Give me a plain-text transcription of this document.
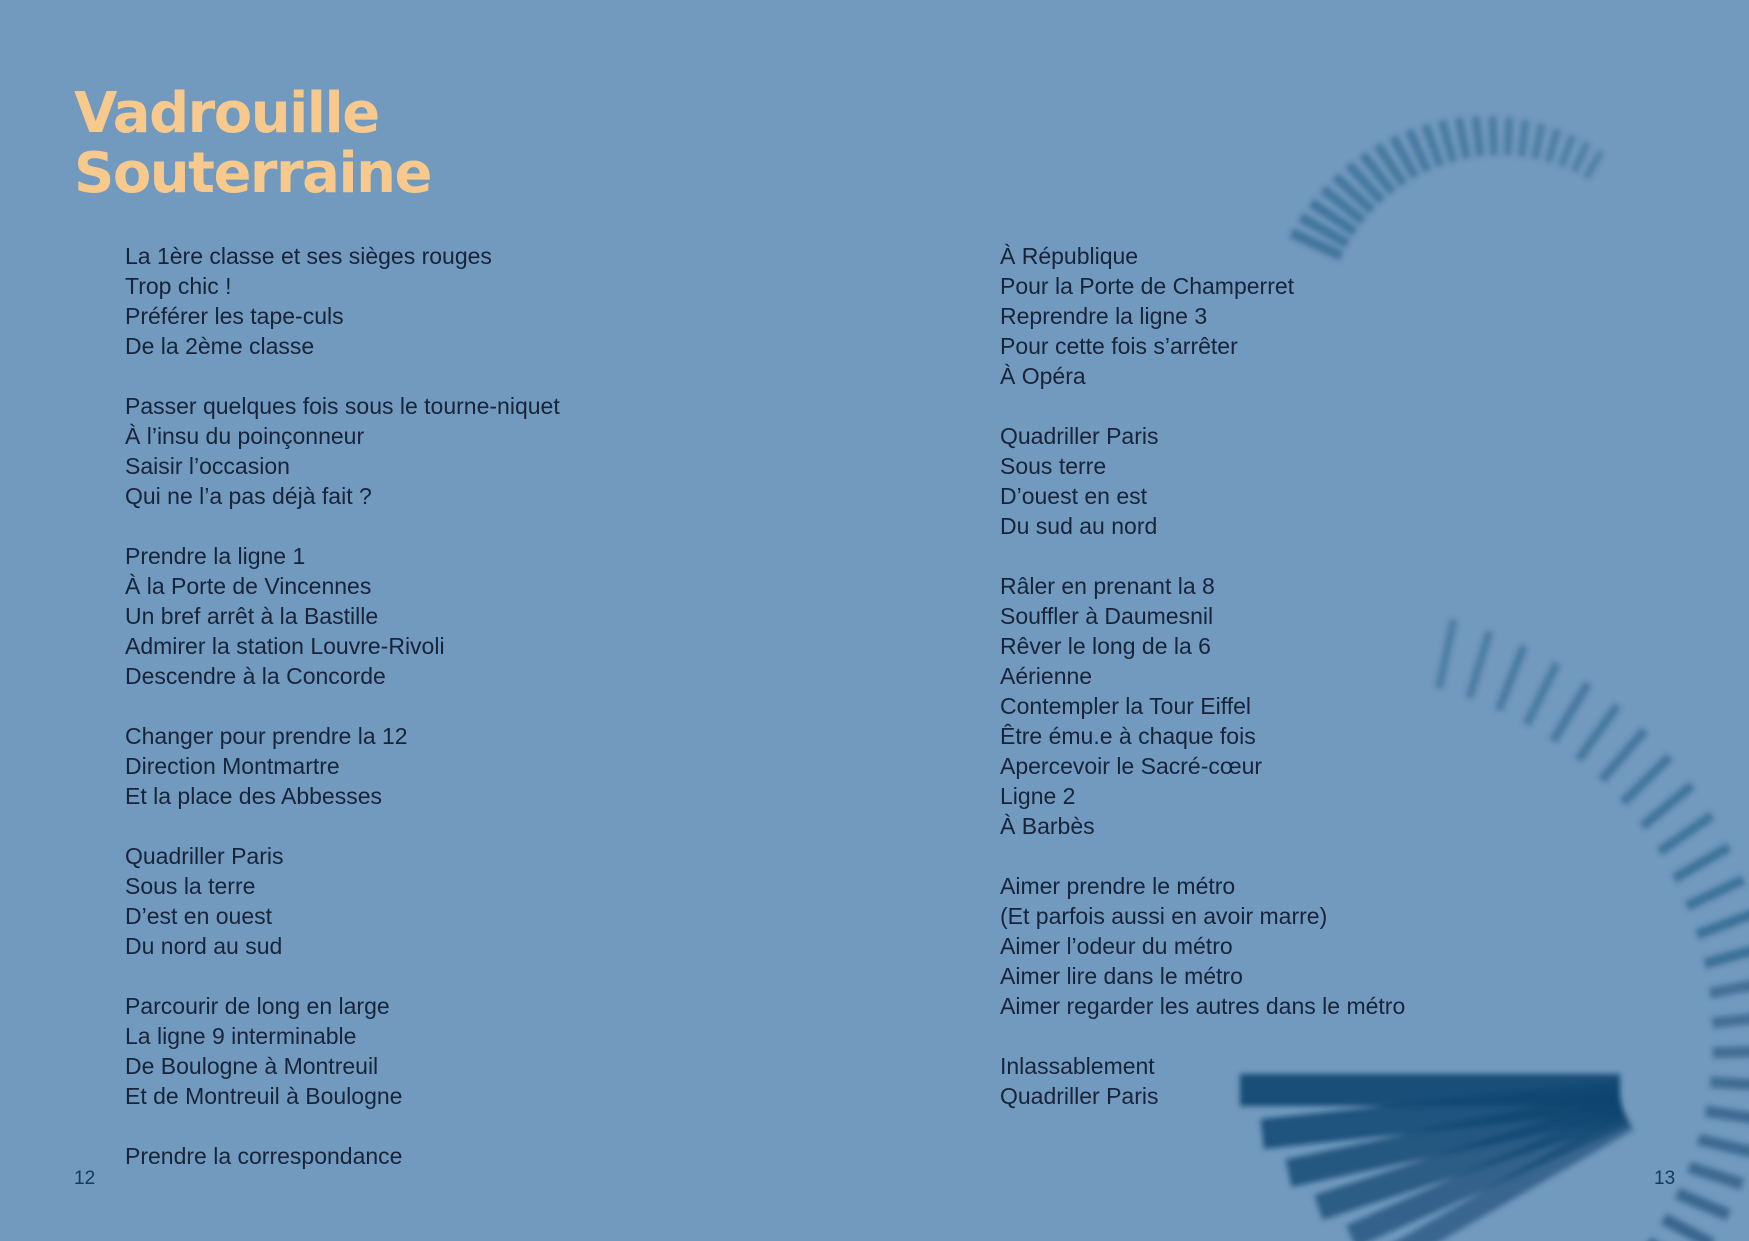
Vadrouille
Souterraine
La 1ère classe et ses sièges rouges
Trop chic !
Préférer les tape-culs
De la 2ème classe
Passer quelques fois sous le tourne-niquet
À l’insu du poinçonneur
Saisir l’occasion
Qui ne l’a pas déjà fait ?
Prendre la ligne 1
À la Porte de Vincennes
Un bref arrêt à la Bastille
Admirer la station Louvre-Rivoli
Descendre à la Concorde
Changer pour prendre la 12
Direction Montmartre
Et la place des Abbesses
Quadriller Paris
Sous la terre
D’est en ouest
Du nord au sud
Parcourir de long en large
La ligne 9 interminable
De Boulogne à Montreuil
Et de Montreuil à Boulogne
Prendre la correspondance
À République
Pour la Porte de Champerret
Reprendre la ligne 3
Pour cette fois s’arrêter
À Opéra
Quadriller Paris
Sous terre
D’ouest en est
Du sud au nord
Râler en prenant la 8
Souffler à Daumesnil
Rêver le long de la 6
Aérienne
Contempler la Tour Eiffel
Être ému.e à chaque fois
Apercevoir le Sacré-cœur
Ligne 2
À Barbès
Aimer prendre le métro
(Et parfois aussi en avoir marre)
Aimer l’odeur du métro
Aimer lire dans le métro
Aimer regarder les autres dans le métro
Inlassablement
Quadriller Paris
12	13
